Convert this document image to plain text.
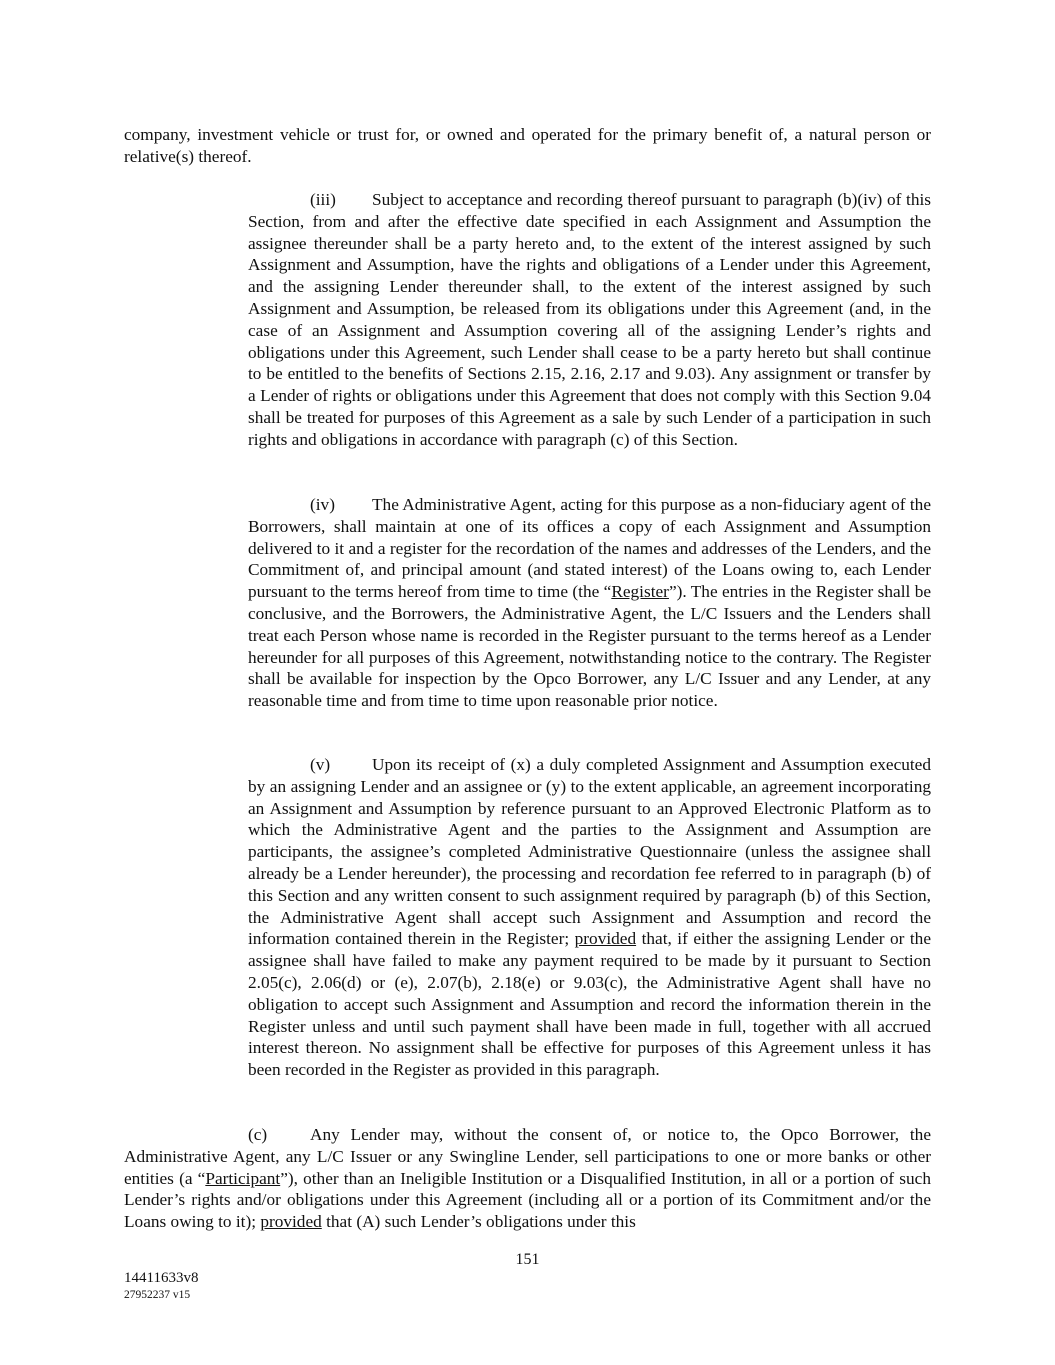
company, investment vehicle or trust for, or owned and operated for the primary benefit of, a natural person or relative(s) thereof.

(iii) Subject to acceptance and recording thereof pursuant to paragraph (b)(iv) of this Section, from and after the effective date specified in each Assignment and Assumption the assignee thereunder shall be a party hereto and, to the extent of the interest assigned by such Assignment and Assumption, have the rights and obligations of a Lender under this Agreement, and the assigning Lender thereunder shall, to the extent of the interest assigned by such Assignment and Assumption, be released from its obligations under this Agreement (and, in the case of an Assignment and Assumption covering all of the assigning Lender’s rights and obligations under this Agreement, such Lender shall cease to be a party hereto but shall continue to be entitled to the benefits of Sections 2.15, 2.16, 2.17 and 9.03). Any assignment or transfer by a Lender of rights or obligations under this Agreement that does not comply with this Section 9.04 shall be treated for purposes of this Agreement as a sale by such Lender of a participation in such rights and obligations in accordance with paragraph (c) of this Section.

(iv) The Administrative Agent, acting for this purpose as a non-fiduciary agent of the Borrowers, shall maintain at one of its offices a copy of each Assignment and Assumption delivered to it and a register for the recordation of the names and addresses of the Lenders, and the Commitment of, and principal amount (and stated interest) of the Loans owing to, each Lender pursuant to the terms hereof from time to time (the “Register”). The entries in the Register shall be conclusive, and the Borrowers, the Administrative Agent, the L/C Issuers and the Lenders shall treat each Person whose name is recorded in the Register pursuant to the terms hereof as a Lender hereunder for all purposes of this Agreement, notwithstanding notice to the contrary. The Register shall be available for inspection by the Opco Borrower, any L/C Issuer and any Lender, at any reasonable time and from time to time upon reasonable prior notice.

(v) Upon its receipt of (x) a duly completed Assignment and Assumption executed by an assigning Lender and an assignee or (y) to the extent applicable, an agreement incorporating an Assignment and Assumption by reference pursuant to an Approved Electronic Platform as to which the Administrative Agent and the parties to the Assignment and Assumption are participants, the assignee’s completed Administrative Questionnaire (unless the assignee shall already be a Lender hereunder), the processing and recordation fee referred to in paragraph (b) of this Section and any written consent to such assignment required by paragraph (b) of this Section, the Administrative Agent shall accept such Assignment and Assumption and record the information contained therein in the Register; provided that, if either the assigning Lender or the assignee shall have failed to make any payment required to be made by it pursuant to Section 2.05(c), 2.06(d) or (e), 2.07(b), 2.18(e) or 9.03(c), the Administrative Agent shall have no obligation to accept such Assignment and Assumption and record the information therein in the Register unless and until such payment shall have been made in full, together with all accrued interest thereon. No assignment shall be effective for purposes of this Agreement unless it has been recorded in the Register as provided in this paragraph.

(c) Any Lender may, without the consent of, or notice to, the Opco Borrower, the Administrative Agent, any L/C Issuer or any Swingline Lender, sell participations to one or more banks or other entities (a “Participant”), other than an Ineligible Institution or a Disqualified Institution, in all or a portion of such Lender’s rights and/or obligations under this Agreement (including all or a portion of its Commitment and/or the Loans owing to it); provided that (A) such Lender’s obligations under this

151
14411633v8
27952237 v15
